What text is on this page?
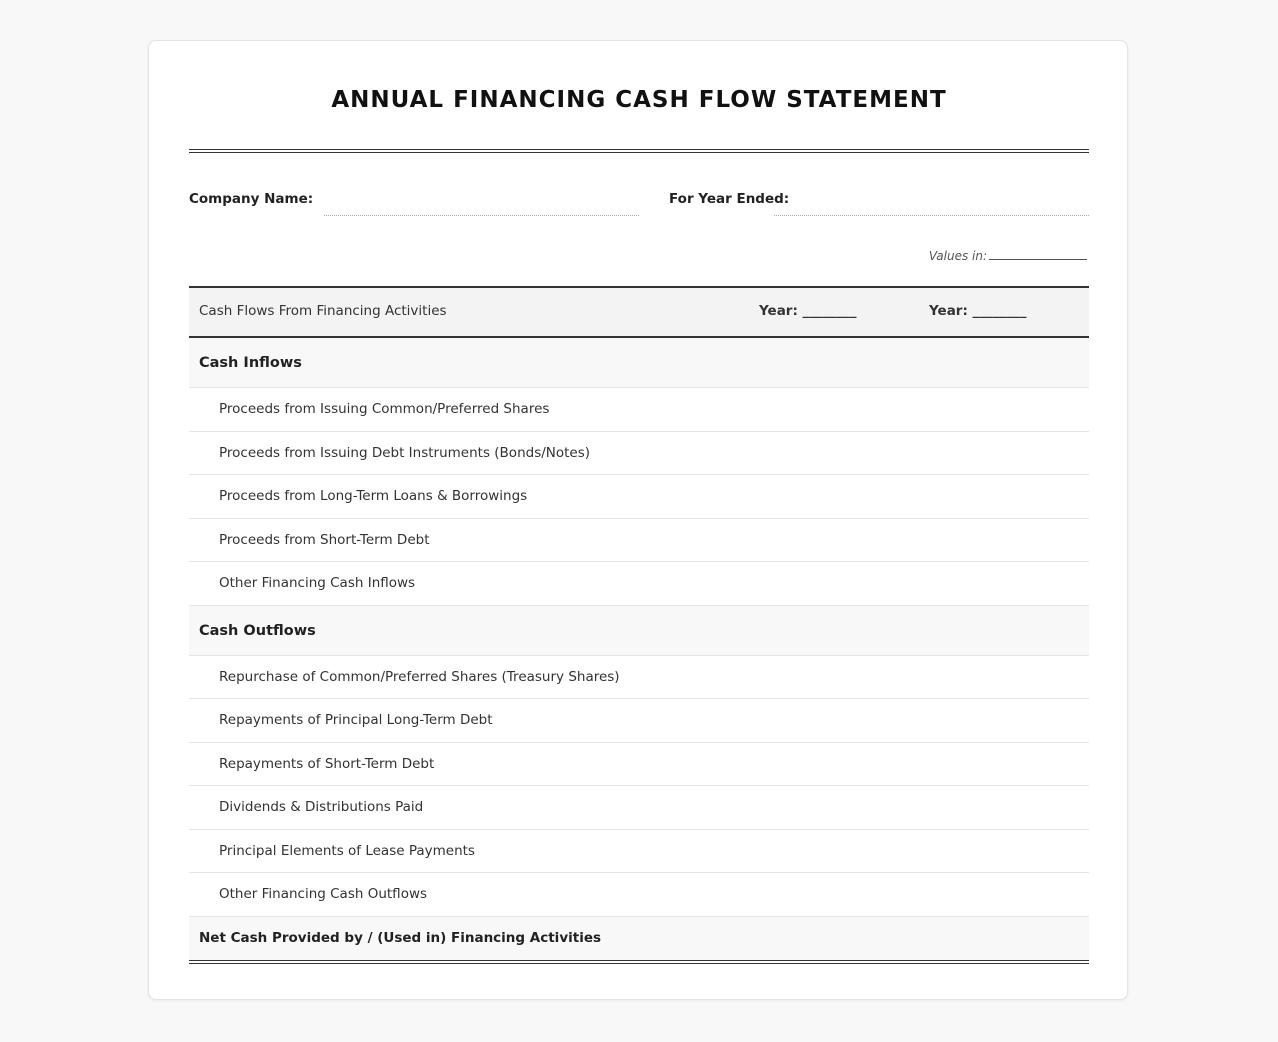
ANNUAL FINANCING CASH FLOW STATEMENT
Company Name:	For Year Ended:
Values in:
Cash Flows From Financing Activities	Year: ________	Year: ________
Cash Inflows
Proceeds from Issuing Common/Preferred Shares
Proceeds from Issuing Debt Instruments (Bonds/Notes)
Proceeds from Long-Term Loans & Borrowings
Proceeds from Short-Term Debt
Other Financing Cash Inflows
Cash Outflows
Repurchase of Common/Preferred Shares (Treasury Shares)
Repayments of Principal Long-Term Debt
Repayments of Short-Term Debt
Dividends & Distributions Paid
Principal Elements of Lease Payments
Other Financing Cash Outflows
Net Cash Provided by / (Used in) Financing Activities
